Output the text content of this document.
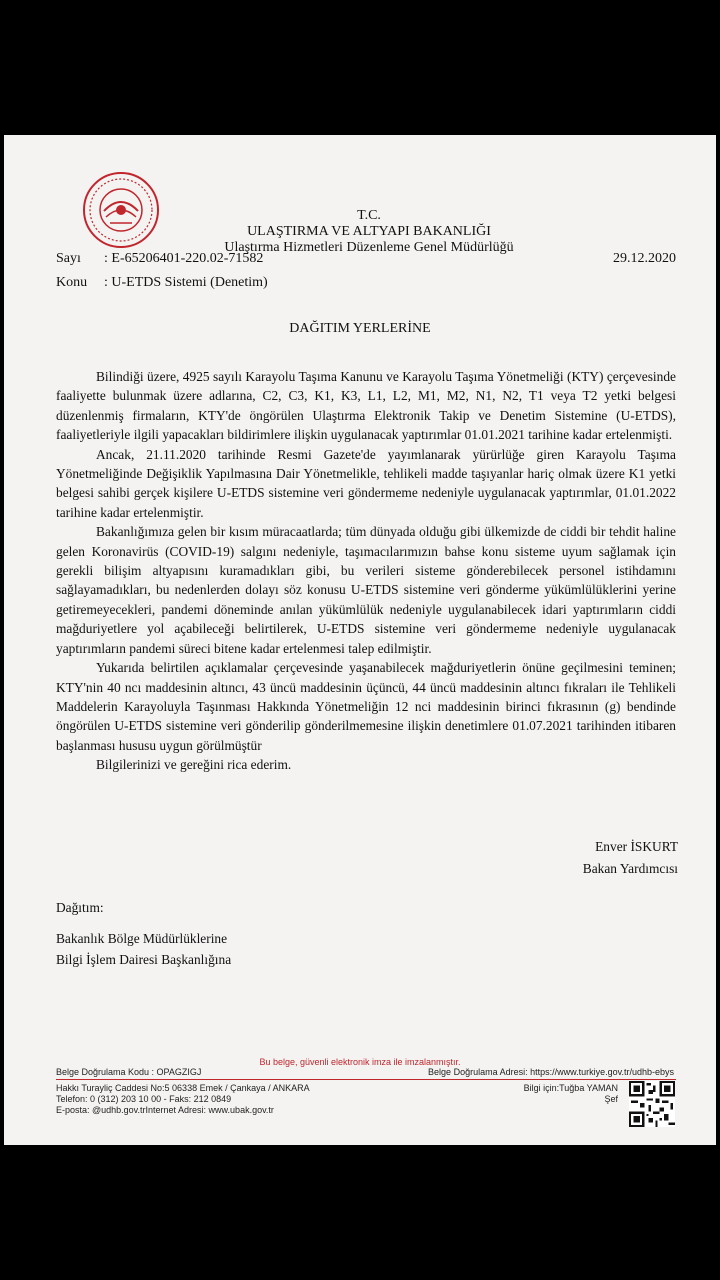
T.C.
ULAŞTIRMA VE ALTYAPI BAKANLIĞI
Ulaştırma Hizmetleri Düzenleme Genel Müdürlüğü
Sayı : E-65206401-220.02-71582	29.12.2020
Konu : U-ETDS Sistemi (Denetim)
DAĞITIM YERLERİNE

Bilindiği üzere, 4925 sayılı Karayolu Taşıma Kanunu ve Karayolu Taşıma Yönetmeliği (KTY) çerçevesinde faaliyette bulunmak üzere adlarına, C2, C3, K1, K3, L1, L2, M1, M2, N1, N2, T1 veya T2 yetki belgesi düzenlenmiş firmaların, KTY'de öngörülen Ulaştırma Elektronik Takip ve Denetim Sistemine (U-ETDS), faaliyetleriyle ilgili yapacakları bildirimlere ilişkin uygulanacak yaptırımlar 01.01.2021 tarihine kadar ertelenmişti.

Ancak, 21.11.2020 tarihinde Resmi Gazete'de yayımlanarak yürürlüğe giren Karayolu Taşıma Yönetmeliğinde Değişiklik Yapılmasına Dair Yönetmelikle, tehlikeli madde taşıyanlar hariç olmak üzere K1 yetki belgesi sahibi gerçek kişilere U-ETDS sistemine veri göndermeme nedeniyle uygulanacak yaptırımlar, 01.01.2022 tarihine kadar ertelenmiştir.

Bakanlığımıza gelen bir kısım müracaatlarda; tüm dünyada olduğu gibi ülkemizde de ciddi bir tehdit haline gelen Koronavirüs (COVID-19) salgını nedeniyle, taşımacılarımızın bahse konu sisteme uyum sağlamak için gerekli bilişim altyapısını kuramadıkları gibi, bu verileri sisteme gönderebilecek personel istihdamını sağlayamadıkları, bu nedenlerden dolayı söz konusu U-ETDS sistemine veri gönderme yükümlülüklerini yerine getiremeyecekleri, pandemi döneminde anılan yükümlülük nedeniyle uygulanabilecek idari yaptırımların ciddi mağduriyetlere yol açabileceği belirtilerek, U-ETDS sistemine veri göndermeme nedeniyle uygulanacak yaptırımların pandemi süreci bitene kadar ertelenmesi talep edilmiştir.

Yukarıda belirtilen açıklamalar çerçevesinde yaşanabilecek mağduriyetlerin önüne geçilmesini teminen; KTY'nin 40 ncı maddesinin altıncı, 43 üncü maddesinin üçüncü, 44 üncü maddesinin altıncı fıkraları ile Tehlikeli Maddelerin Karayoluyla Taşınması Hakkında Yönetmeliğin 12 nci maddesinin birinci fıkrasının (g) bendinde öngörülen U-ETDS sistemine veri gönderilip gönderilmemesine ilişkin denetimlere 01.07.2021 tarihinden itibaren başlanması hususu uygun görülmüştür

Bilgilerinizi ve gereğini rica ederim.

Enver İSKURT
Bakan Yardımcısı
Dağıtım:
Bakanlık Bölge Müdürlüklerine
Bilgi İşlem Dairesi Başkanlığına
Bu belge, güvenli elektronik imza ile imzalanmıştır.
Belge Doğrulama Kodu : OPAGZIGJ	Belge Doğrulama Adresi: https://www.turkiye.gov.tr/udhb-ebys
Hakkı Turayliç Caddesi No:5 06338 Emek / Çankaya / ANKARA
Telefon: 0 (312) 203 10 00 - Faks: 212 0849
E-posta: @udhb.gov.trInternet Adresi: www.ubak.gov.tr
Bilgi için:Tuğba YAMAN
Şef
